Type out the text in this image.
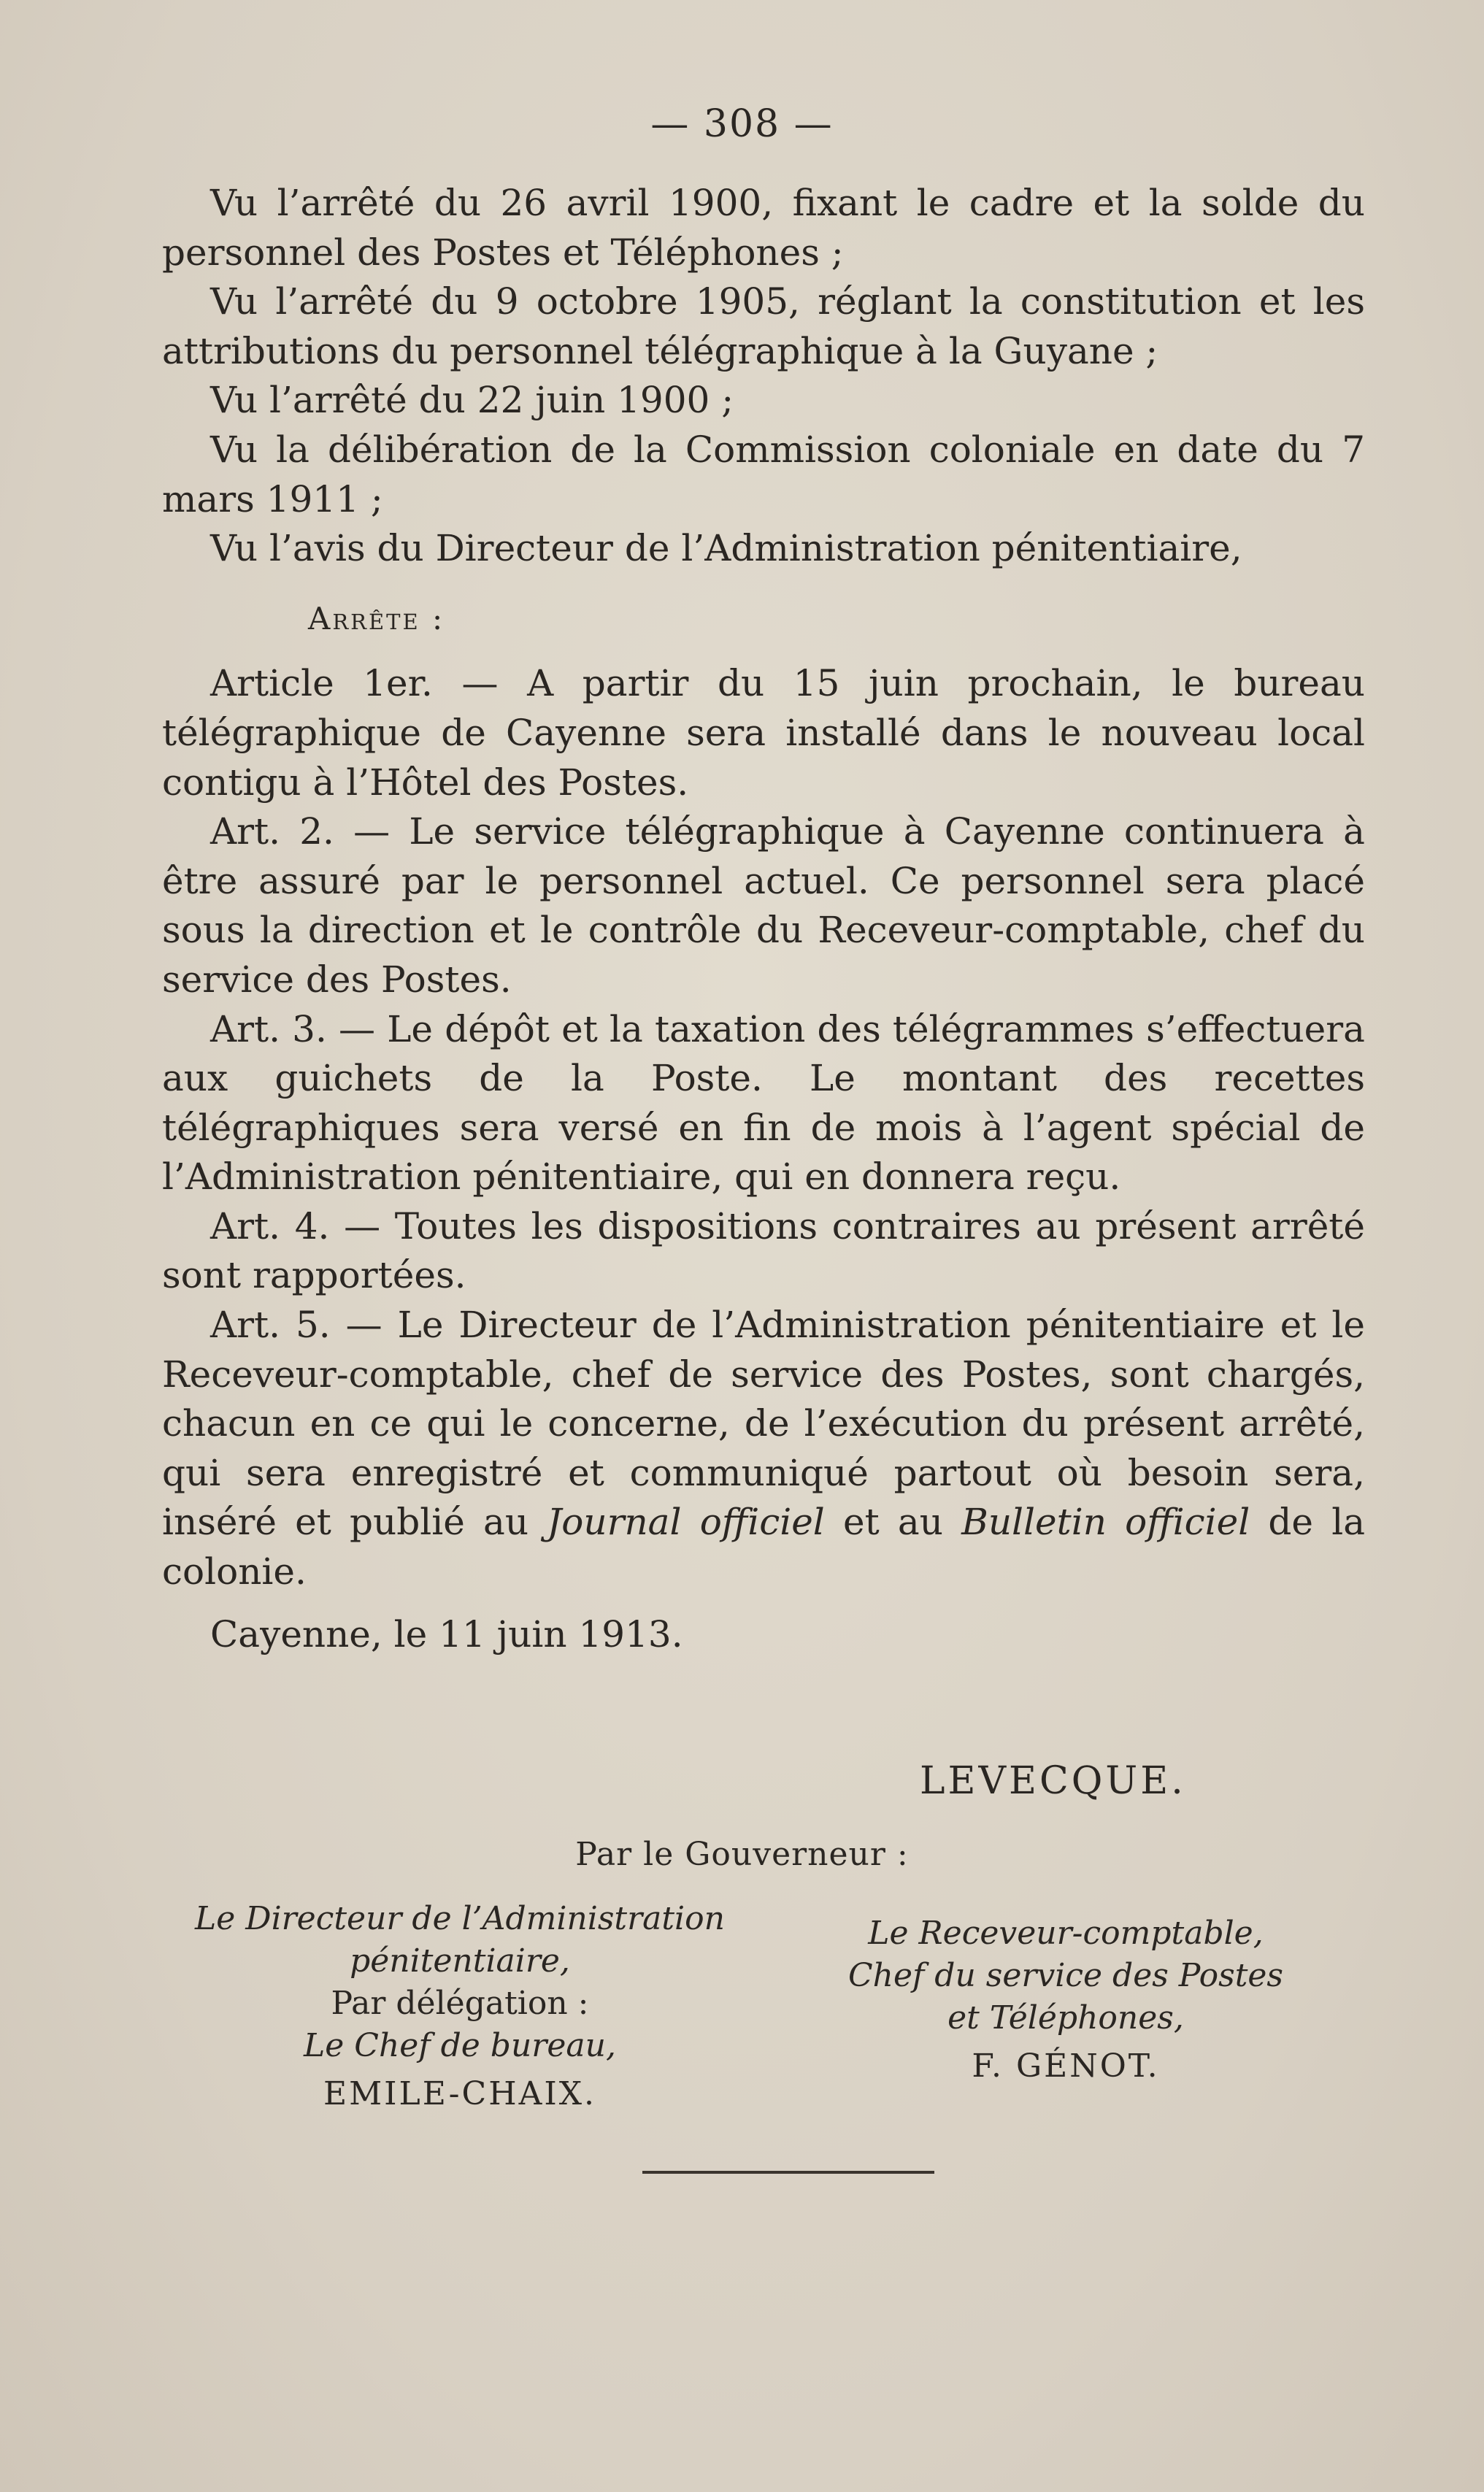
— 308 —

Vu l’arrêté du 26 avril 1900, fixant le cadre et la solde du personnel des Postes et Téléphones ;

Vu l’arrêté du 9 octobre 1905, réglant la constitution et les attributions du personnel télégraphique à la Guyane ;

Vu l’arrêté du 22 juin 1900 ;

Vu la délibération de la Commission coloniale en date du 7 mars 1911 ;

Vu l’avis du Directeur de l’Administration pénitentiaire,

Arrête :

Article 1er. — A partir du 15 juin prochain, le bureau télégraphique de Cayenne sera installé dans le nouveau local contigu à l’Hôtel des Postes.

Art. 2. — Le service télégraphique à Cayenne continuera à être assuré par le personnel actuel. Ce personnel sera placé sous la direction et le contrôle du Receveur-comptable, chef du service des Postes.

Art. 3. — Le dépôt et la taxation des télégrammes s’effectuera aux guichets de la Poste. Le montant des recettes télégraphiques sera versé en fin de mois à l’agent spécial de l’Administration pénitentiaire, qui en donnera reçu.

Art. 4. — Toutes les dispositions contraires au présent arrêté sont rapportées.

Art. 5. — Le Directeur de l’Administration pénitentiaire et le Receveur-comptable, chef de service des Postes, sont chargés, chacun en ce qui le concerne, de l’exécution du présent arrêté, qui sera enregistré et communiqué partout où besoin sera, inséré et publié au Journal officiel et au Bulletin officiel de la colonie.

Cayenne, le 11 juin 1913.

LEVECQUE.
Par le Gouverneur :
Le Directeur de l’Administration
pénitentiaire,
Par délégation :
Le Chef de bureau,
EMILE-CHAIX.
Le Receveur-comptable,
Chef du service des Postes
et Téléphones,
F. GÉNOT.
